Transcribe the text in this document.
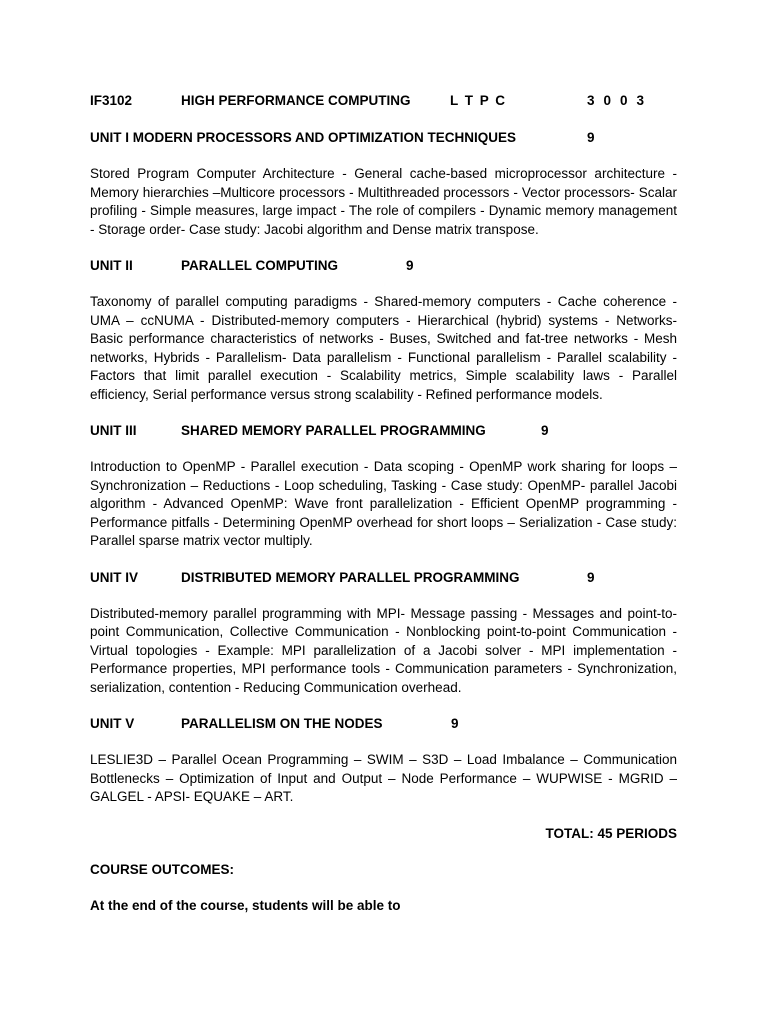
IF3102	HIGH PERFORMANCE COMPUTING	L T P C	3  0  0  3
UNIT I MODERN PROCESSORS AND OPTIMIZATION TECHNIQUES	9

Stored Program Computer Architecture - General cache-based microprocessor architecture - Memory hierarchies –Multicore processors - Multithreaded processors - Vector processors- Scalar profiling - Simple measures, large impact - The role of compilers - Dynamic memory management - Storage order- Case study: Jacobi algorithm and Dense matrix transpose.

UNIT II	PARALLEL COMPUTING	9

Taxonomy of parallel computing paradigms - Shared-memory computers - Cache coherence - UMA – ccNUMA - Distributed-memory computers - Hierarchical (hybrid) systems - Networks- Basic performance characteristics of networks - Buses, Switched and fat-tree networks - Mesh networks, Hybrids - Parallelism- Data parallelism - Functional parallelism - Parallel scalability - Factors that limit parallel execution - Scalability metrics, Simple scalability laws - Parallel efficiency, Serial performance versus strong scalability - Refined performance models.

UNIT III	SHARED MEMORY PARALLEL PROGRAMMING	9

Introduction to OpenMP - Parallel execution - Data scoping - OpenMP work sharing for loops – Synchronization – Reductions - Loop scheduling, Tasking - Case study: OpenMP- parallel Jacobi algorithm - Advanced OpenMP: Wave front parallelization - Efficient OpenMP programming - Performance pitfalls - Determining OpenMP overhead for short loops – Serialization - Case study: Parallel sparse matrix vector multiply.

UNIT IV	DISTRIBUTED MEMORY PARALLEL PROGRAMMING	9

Distributed-memory parallel programming with MPI- Message passing - Messages and point-to-point Communication, Collective Communication - Nonblocking point-to-point Communication - Virtual topologies - Example: MPI parallelization of a Jacobi solver - MPI implementation - Performance properties, MPI performance tools - Communication parameters - Synchronization, serialization, contention - Reducing Communication overhead.

UNIT V	PARALLELISM ON THE NODES	9

LESLIE3D – Parallel Ocean Programming – SWIM – S3D – Load Imbalance – Communication Bottlenecks – Optimization of Input and Output – Node Performance – WUPWISE - MGRID – GALGEL - APSI- EQUAKE – ART.

TOTAL: 45 PERIODS
COURSE OUTCOMES:
At the end of the course, students will be able to
